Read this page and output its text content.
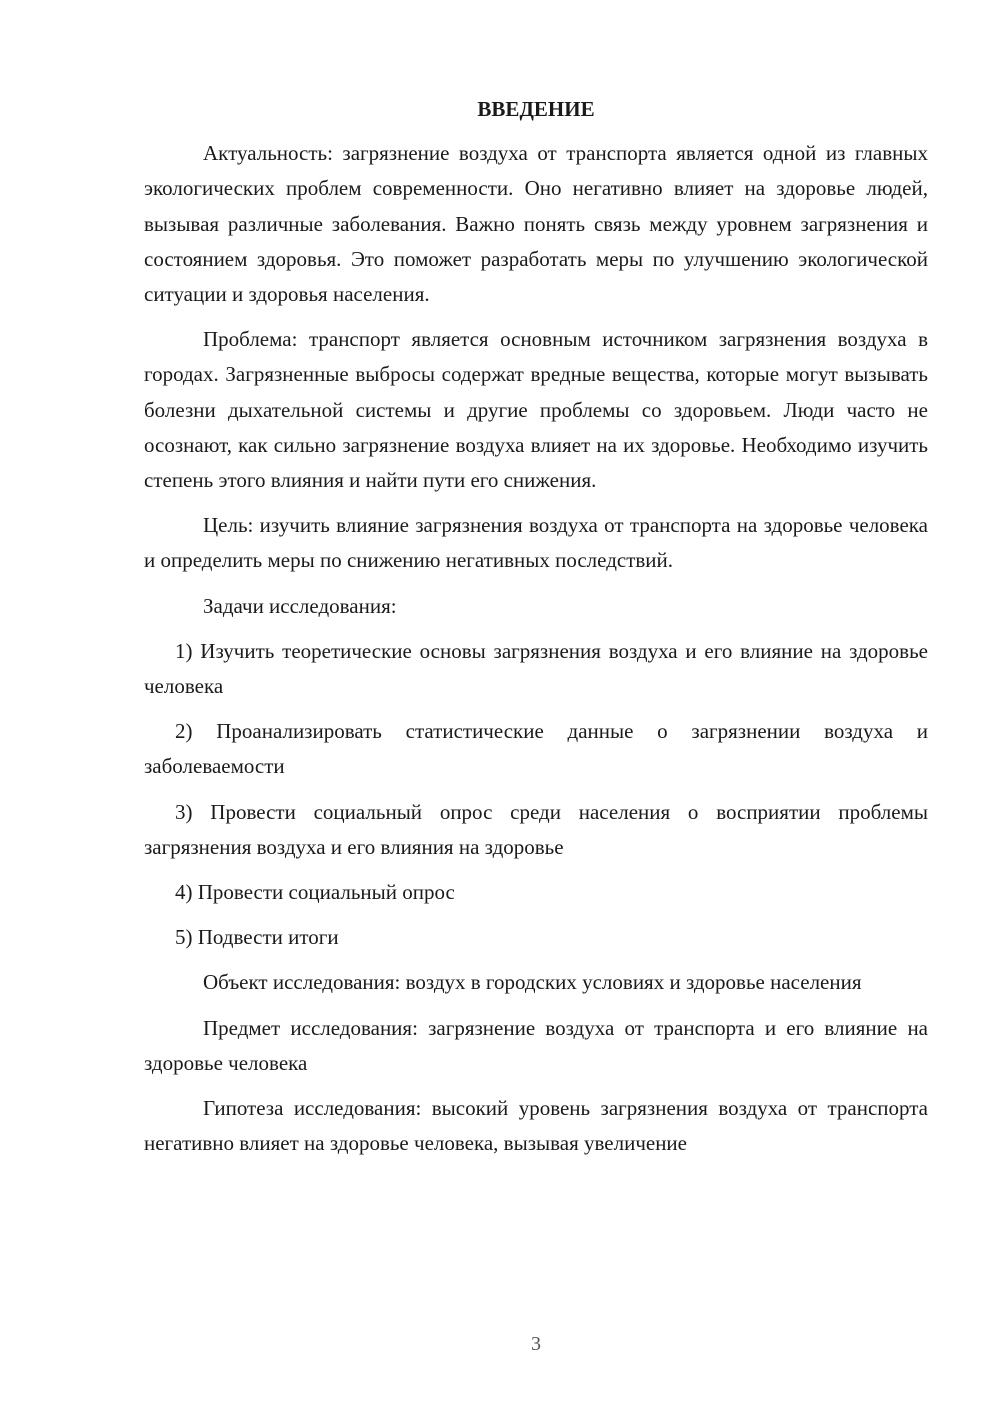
ВВЕДЕНИЕ

Актуальность: загрязнение воздуха от транспорта является одной из главных экологических проблем современности. Оно негативно влияет на здоровье людей, вызывая различные заболевания. Важно понять связь между уровнем загрязнения и состоянием здоровья. Это поможет разработать меры по улучшению экологической ситуации и здоровья населения.

Проблема: транспорт является основным источником загрязнения воздуха в городах. Загрязненные выбросы содержат вредные вещества, которые могут вызывать болезни дыхательной системы и другие проблемы со здоровьем. Люди часто не осознают, как сильно загрязнение воздуха влияет на их здоровье. Необходимо изучить степень этого влияния и найти пути его снижения.

Цель: изучить влияние загрязнения воздуха от транспорта на здоровье человека и определить меры по снижению негативных последствий.

Задачи исследования:

1) Изучить теоретические основы загрязнения воздуха и его влияние на здоровье человека

2) Проанализировать статистические данные о загрязнении воздуха и заболеваемости

3) Провести социальный опрос среди населения о восприятии проблемы загрязнения воздуха и его влияния на здоровье

4) Провести социальный опрос

5) Подвести итоги

Объект исследования: воздух в городских условиях и здоровье населения

Предмет исследования: загрязнение воздуха от транспорта и его влияние на здоровье человека

Гипотеза исследования: высокий уровень загрязнения воздуха от транспорта негативно влияет на здоровье человека, вызывая увеличение

3
